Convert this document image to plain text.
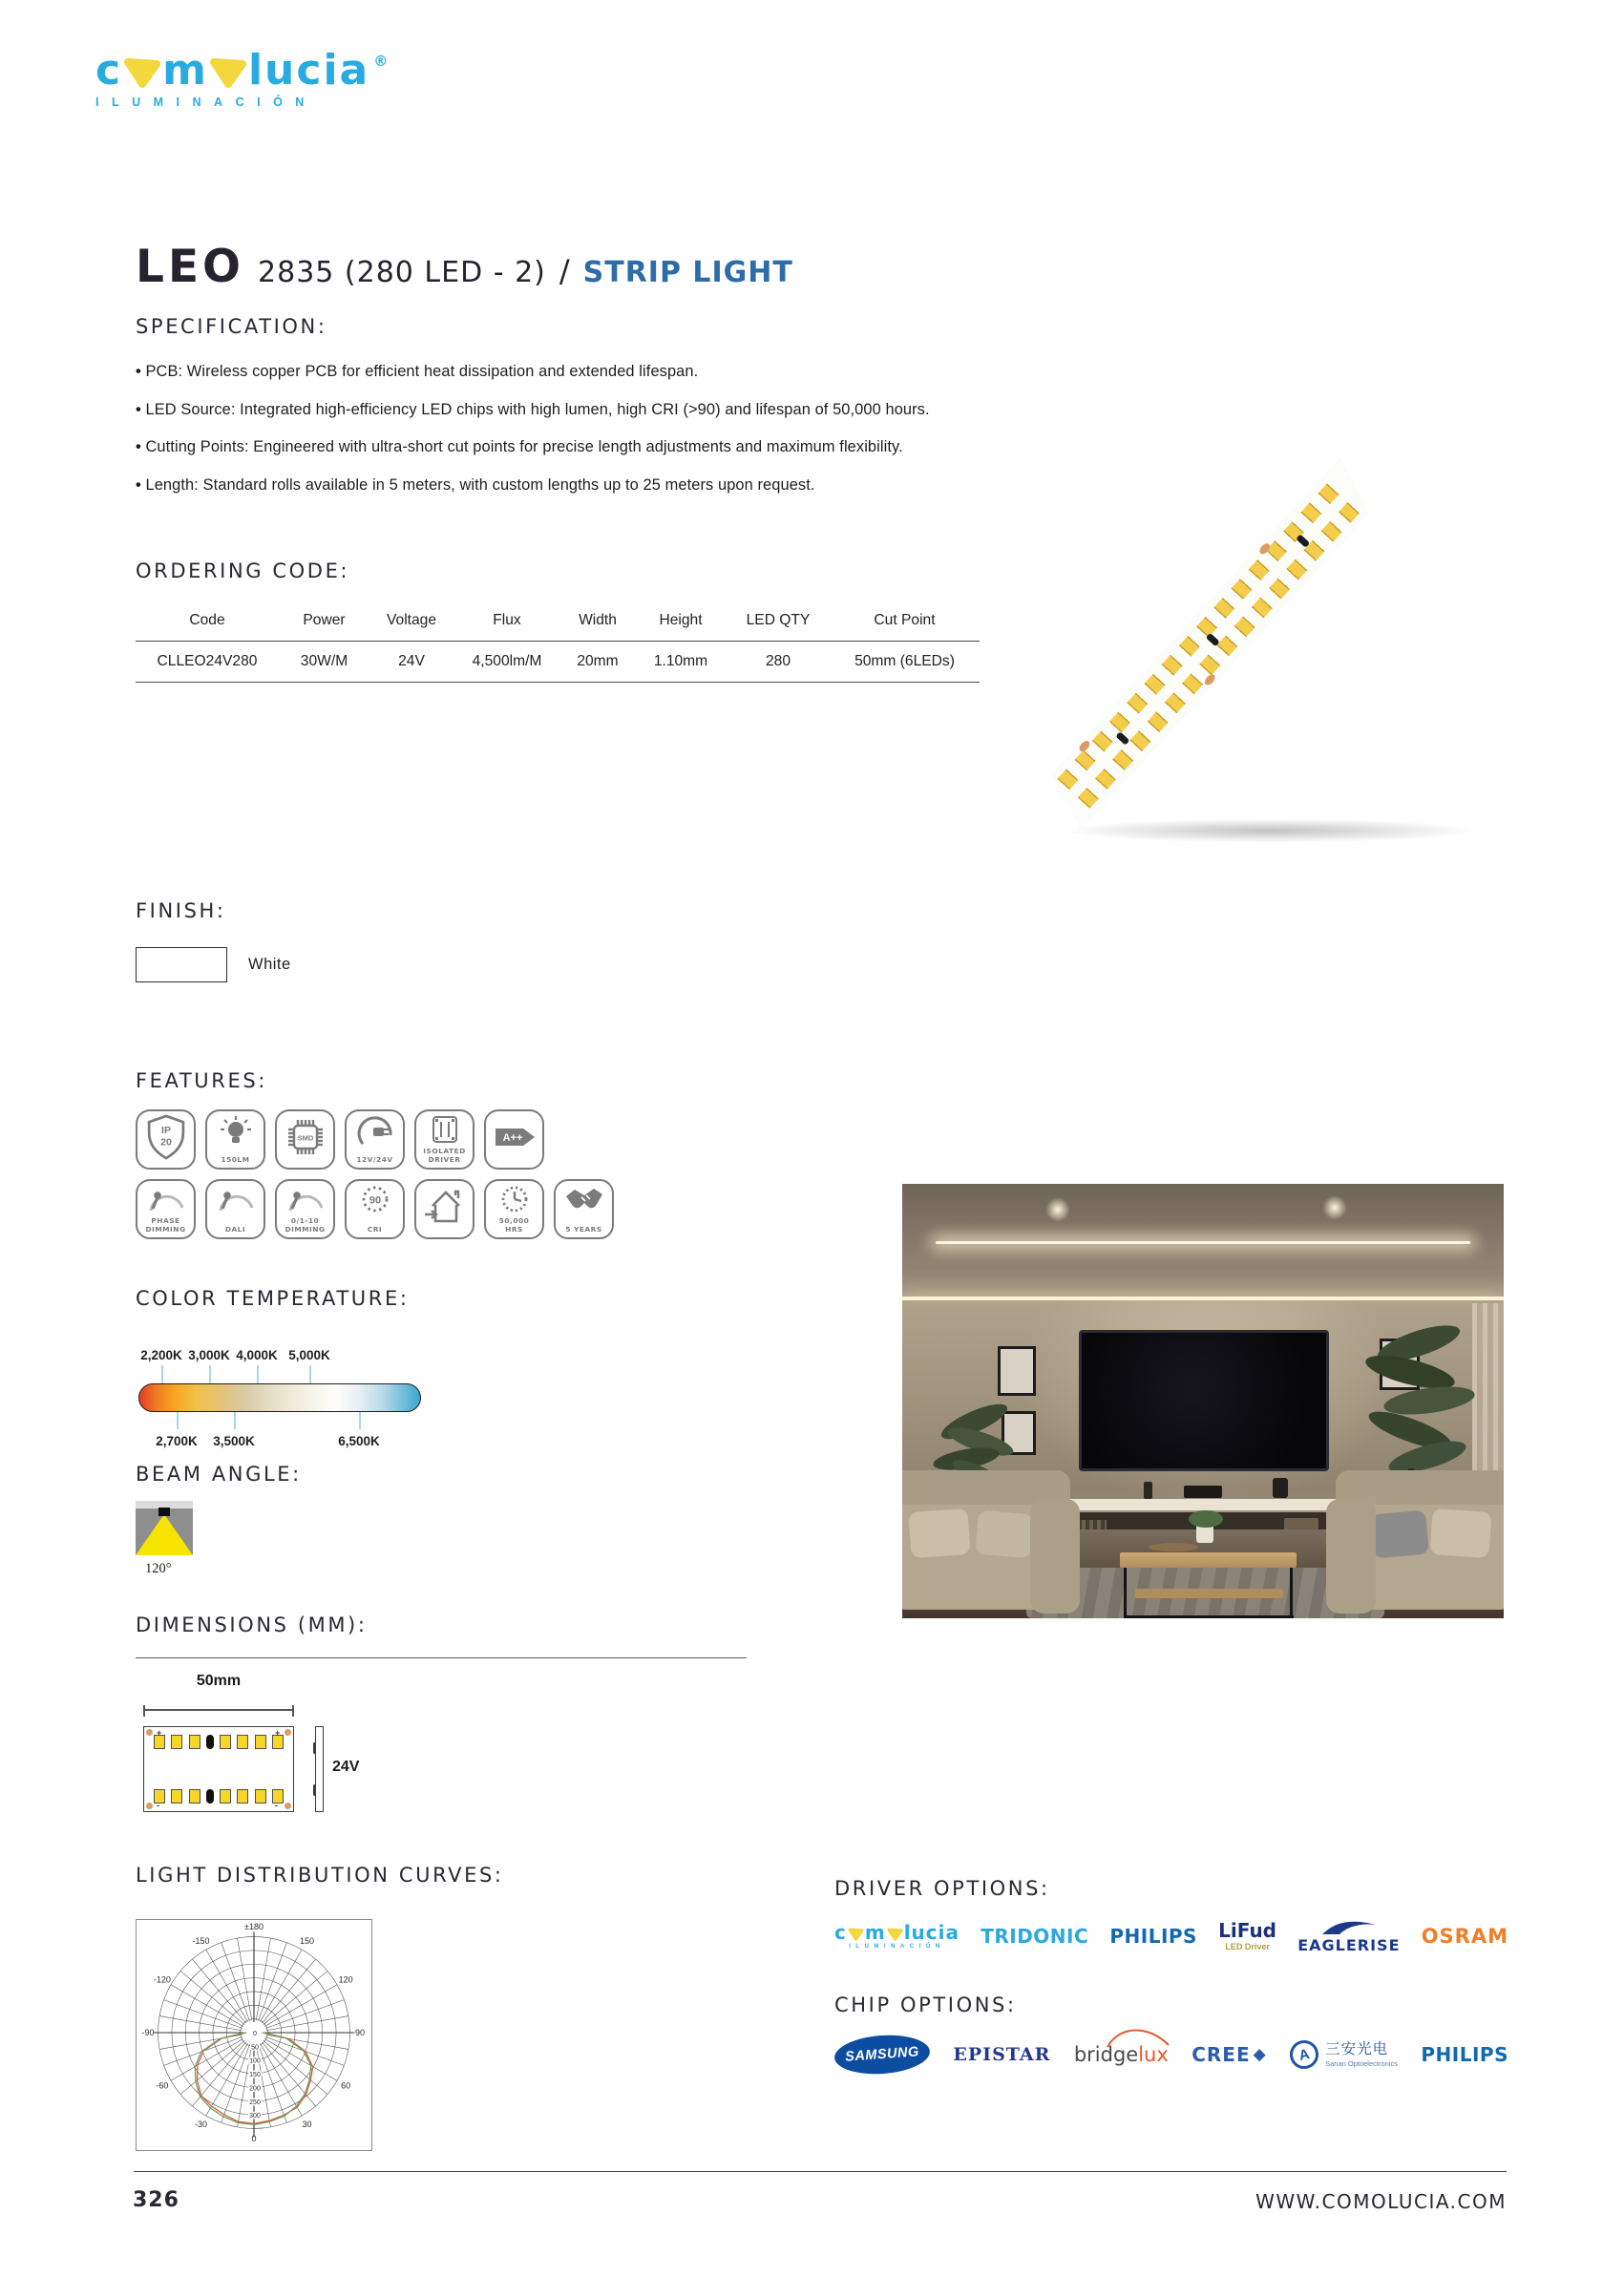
c m lucia ®
ILUMINACIÓN
LEO 2835 (280 LED - 2) / STRIP LIGHT
SPECIFICATION:
• PCB: Wireless copper PCB for efficient heat dissipation and extended lifespan.
• LED Source: Integrated high-efficiency LED chips with high lumen, high CRI (>90) and lifespan of 50,000 hours.
• Cutting Points: Engineered with ultra-short cut points for precise length adjustments and maximum flexibility.
• Length: Standard rolls available in 5 meters, with custom lengths up to 25 meters upon request.
ORDERING CODE:
Code	Power	Voltage	Flux	Width	Height	LED QTY	Cut Point
CLLEO24V280	30W/M	24V	4,500lm/M	20mm	1.10mm	280	50mm (6LEDs)
FINISH:
White
FEATURES:
IP
20
150LM
SMD
12V/24V
ISOLATED
DRIVER
A++
PHASE
DIMMING	DALI
0/1-10
DIMMING
90
CRI
50,000
HRS	5 YEARS
COLOR TEMPERATURE:
2,200K 3,000K 4,000K 5,000K
2,700K 3,500K	6,500K
BEAM ANGLE:
120°
DIMENSIONS (MM):
50mm
+	+
-	-
24V
LIGHT DISTRIBUTION CURVES:
0
50
100
150
200
250
300
±180
-150	150
-120	120
-90	90
-60	60
-30	30
0
DRIVER OPTIONS:
c m lucia
ILUMINACIÓN TRIDONIC PHILIPS LiFud
LED Driver EAGLERISE OSRAM
CHIP OPTIONS:
SAMSUNG EPISTAR bridge lux CREE ◆ A 三安光电
Sanan Optoelectronics PHILIPS
326	WWW.COMOLUCIA.COM
